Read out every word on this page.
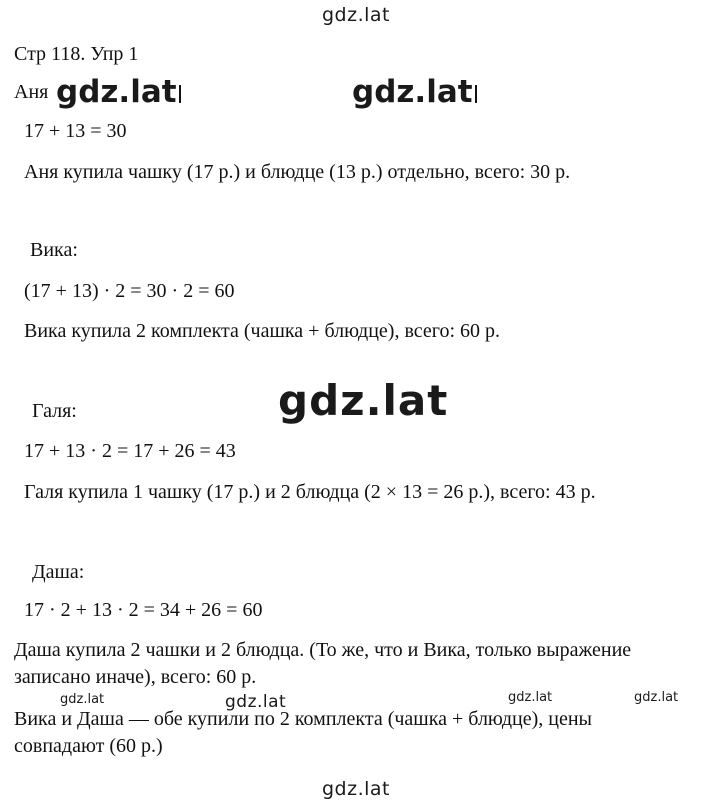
gdz.lat
gdz.lat	gdz.lat
gdz.lat
gdz.lat	gdz.lat	gdz.lat	gdz.lat
gdz.lat
Стр 118. Упр 1
Аня
17 + 13 = 30
Аня купила чашку (17 р.) и блюдце (13 р.) отдельно, всего: 30 р.
Вика:
(17 + 13) · 2 = 30 · 2 = 60
Вика купила 2 комплекта (чашка + блюдце), всего: 60 р.
Галя:
17 + 13 · 2 = 17 + 26 = 43
Галя купила 1 чашку (17 р.) и 2 блюдца (2 × 13 = 26 р.), всего: 43 р.
Даша:
17 · 2 + 13 · 2 = 34 + 26 = 60
Даша купила 2 чашки и 2 блюдца. (То же, что и Вика, только выражение
записано иначе), всего: 60 р.
Вика и Даша — обе купили по 2 комплекта (чашка + блюдце), цены
совпадают (60 р.)
